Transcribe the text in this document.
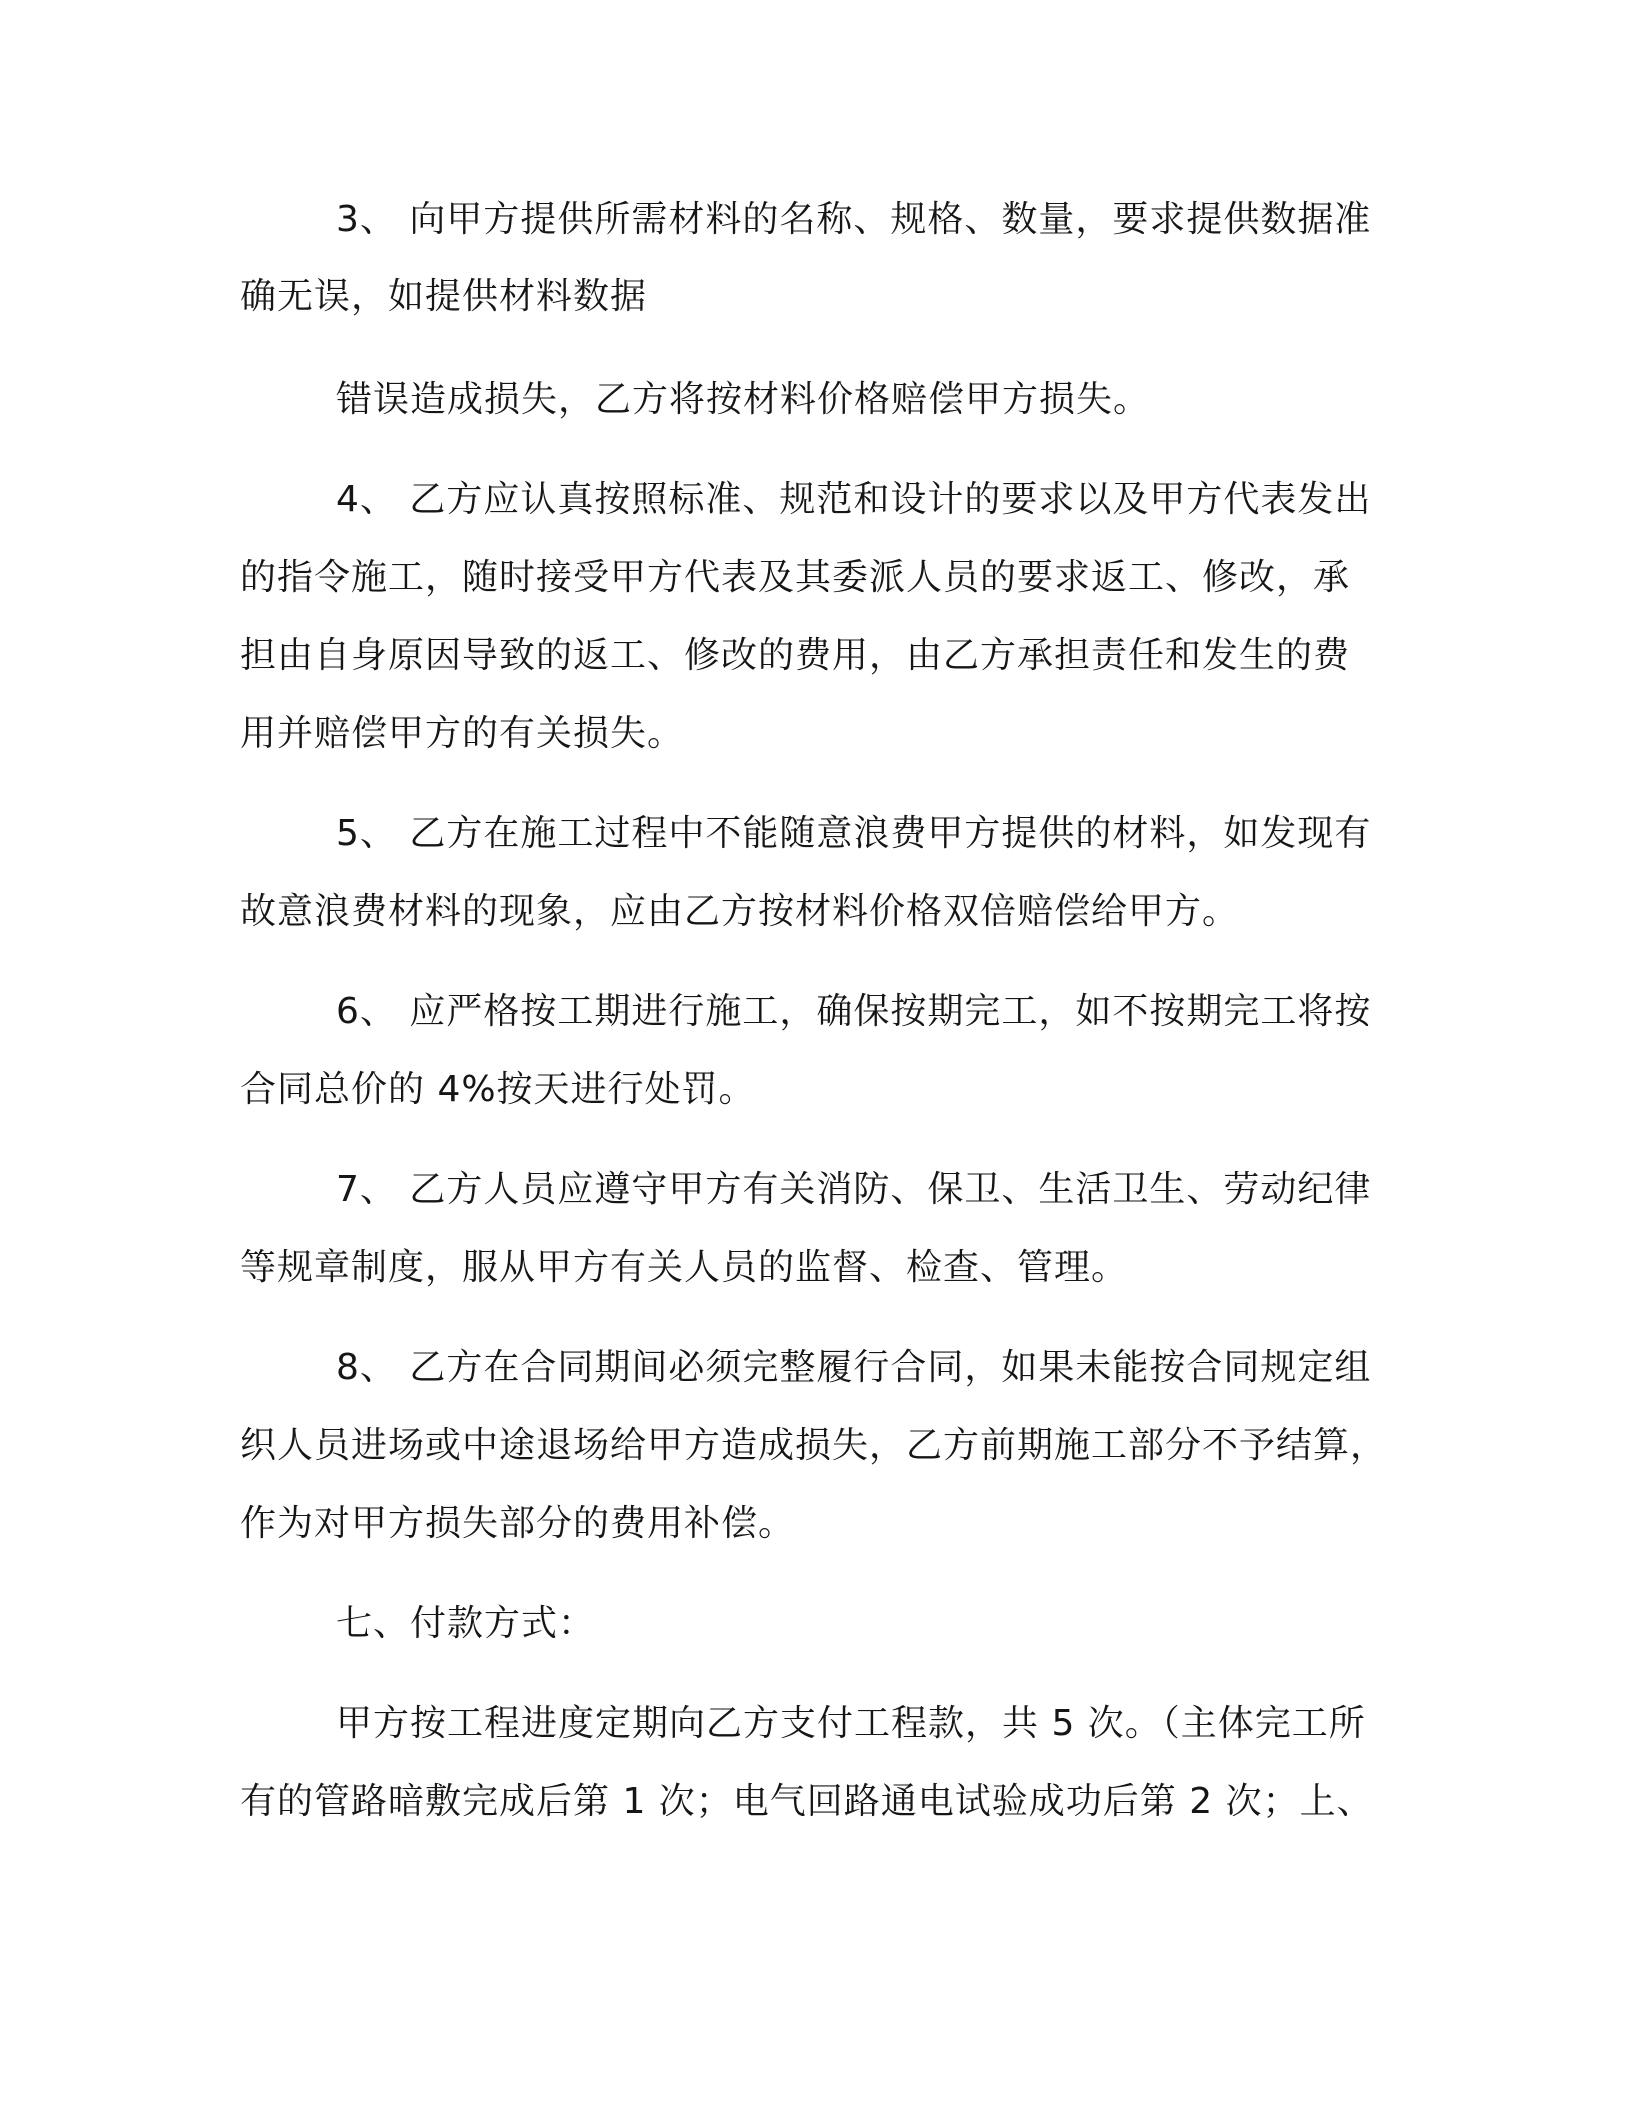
3、 向甲方提供所需材料的名称、规格、数量，要求提供数据准
确无误，如提供材料数据
错误造成损失，乙方将按材料价格赔偿甲方损失。
4、 乙方应认真按照标准、规范和设计的要求以及甲方代表发出
的指令施工，随时接受甲方代表及其委派人员的要求返工、修改，承
担由自身原因导致的返工、修改的费用，由乙方承担责任和发生的费
用并赔偿甲方的有关损失。
5、 乙方在施工过程中不能随意浪费甲方提供的材料，如发现有
故意浪费材料的现象，应由乙方按材料价格双倍赔偿给甲方。
6、 应严格按工期进行施工，确保按期完工，如不按期完工将按
合同总价的 4%按天进行处罚。
7、 乙方人员应遵守甲方有关消防、保卫、生活卫生、劳动纪律
等规章制度，服从甲方有关人员的监督、检查、管理。
8、 乙方在合同期间必须完整履行合同，如果未能按合同规定组
织人员进场或中途退场给甲方造成损失，乙方前期施工部分不予结算，
作为对甲方损失部分的费用补偿。
七、付款方式：
甲方按工程进度定期向乙方支付工程款，共 5 次。（主体完工所
有的管路暗敷完成后第 1 次；电气回路通电试验成功后第 2 次；上、
